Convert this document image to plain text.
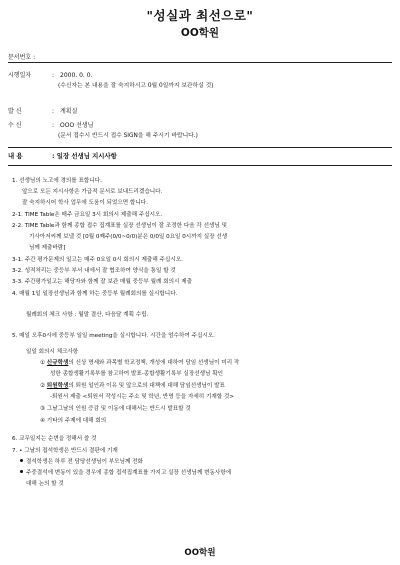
"성실과 최선으로"
OO학원
문서번호 :
시행일자	: 2000. 0. 0.
(수신자는 본 내용을 잘 숙지하시고 0월 0일까지 보관하실 것)
발 신	: 계획실
수 신	: OOO 선생님
(문서 접수시 반드시 접수 SIGN을 해 주시기 바랍니다.)
내 용	: 일장 선생님 지시사항
1. 선생님의 노고에 경의를 표합니다.
앞으로 모든 지시사항은 가급적 문서로 보내드리겠습니다.
잘 숙지하시어 학사 업무에 도움이 되었으면 합니다.
2-1. TIME Table은 매주 금요일 3시 회의시 제출해 주십시오.
2-2. TIME Table과 함께 종합 접수 집계표를 실장 선생님이 잘 조정한 다음 각 선생님 및
기사아저씨께 보낼 것 [0월 0째주(0/0~0/0)분은 0/0일 0요일 0시까지 실장 선생
님께 제출바람]
3-1. 주간 평가문제의 일고는 매주 0요일 0시 회의시 제출해 주십시오.
3-2. 성적처리는 중등부 부서 내에서 잘 협조하여 양식을 통일 할 것
3-3. 주간평가일고는 해당자와 함께 잘 보관 매월 중등부 월례 회의시 제출
4. 매월 1일 일장선생님과 함께 하는 중등부 월례회의를 실시합니다.
월례회의 체크 사항 : 월말 결산, 다음달 계획 수립.
5. 매일 오후0시에 중등부 일일 meeting을 실시합니다. 시간을 엄수하여 주십시오.
일일 회의시 체크사항
① 신규학생의 신상 명세와 과목별 학교정책, 개성에 대하여 담임 선생님이 미리 작
성한 종합생활기록부를 참고하여 발표-종합생활기록부 실장선생님 확인
② 퇴원학생의 퇴원 일인과 이유 및 앞으로의 대책에 대해 담임선생님이 발표
-퇴원서 제출 <퇴원서 작성시는 주소 및 학년, 반명 등을 자세히 기재할 것>
③ 그날그날의 인원 증감 및 이동에 대해서는 반드시 발표할 것
④ 기타의 주제에 대해 회의
6. 교무일지는 순번을 정해서 쓸 것
7. • 그날의 접석학생은 반드시 결판에 기재
결석학생은 하루 전 담당선생님이 부모님께 전화
주중결석에 변동이 있을 경우에 종합 접석집계표를 가지고 실장 선생님께 변동사항에
대해 논의 할 것
OO학원
